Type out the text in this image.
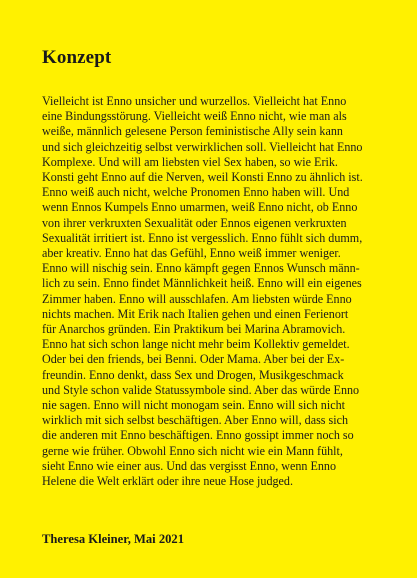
Konzept
Vielleicht ist Enno unsicher und wurzellos. Vielleicht hat Enno
eine Bindungsstörung. Vielleicht weiß Enno nicht, wie man als
weiße, männlich gelesene Person feministische Ally sein kann
und sich gleichzeitig selbst verwirklichen soll. Vielleicht hat Enno
Komplexe. Und will am liebsten viel Sex haben, so wie Erik.
Konsti geht Enno auf die Nerven, weil Konsti Enno zu ähnlich ist.
Enno weiß auch nicht, welche Pronomen Enno haben will. Und
wenn Ennos Kumpels Enno umarmen, weiß Enno nicht, ob Enno
von ihrer verkruxten Sexualität oder Ennos eigenen verkruxten
Sexualität irritiert ist. Enno ist vergesslich. Enno fühlt sich dumm,
aber kreativ. Enno hat das Gefühl, Enno weiß immer weniger.
Enno will nischig sein. Enno kämpft gegen Ennos Wunsch männ-
lich zu sein. Enno findet Männlichkeit heiß. Enno will ein eigenes
Zimmer haben. Enno will ausschlafen. Am liebsten würde Enno
nichts machen. Mit Erik nach Italien gehen und einen Ferienort
für Anarchos gründen. Ein Praktikum bei Marina Abramovich.
Enno hat sich schon lange nicht mehr beim Kollektiv gemeldet.
Oder bei den friends, bei Benni. Oder Mama. Aber bei der Ex-
freundin. Enno denkt, dass Sex und Drogen, Musikgeschmack
und Style schon valide Statussymbole sind. Aber das würde Enno
nie sagen. Enno will nicht monogam sein. Enno will sich nicht
wirklich mit sich selbst beschäftigen. Aber Enno will, dass sich
die anderen mit Enno beschäftigen. Enno gossipt immer noch so
gerne wie früher. Obwohl Enno sich nicht wie ein Mann fühlt,
sieht Enno wie einer aus. Und das vergisst Enno, wenn Enno
Helene die Welt erklärt oder ihre neue Hose judged.

Theresa Kleiner, Mai 2021
